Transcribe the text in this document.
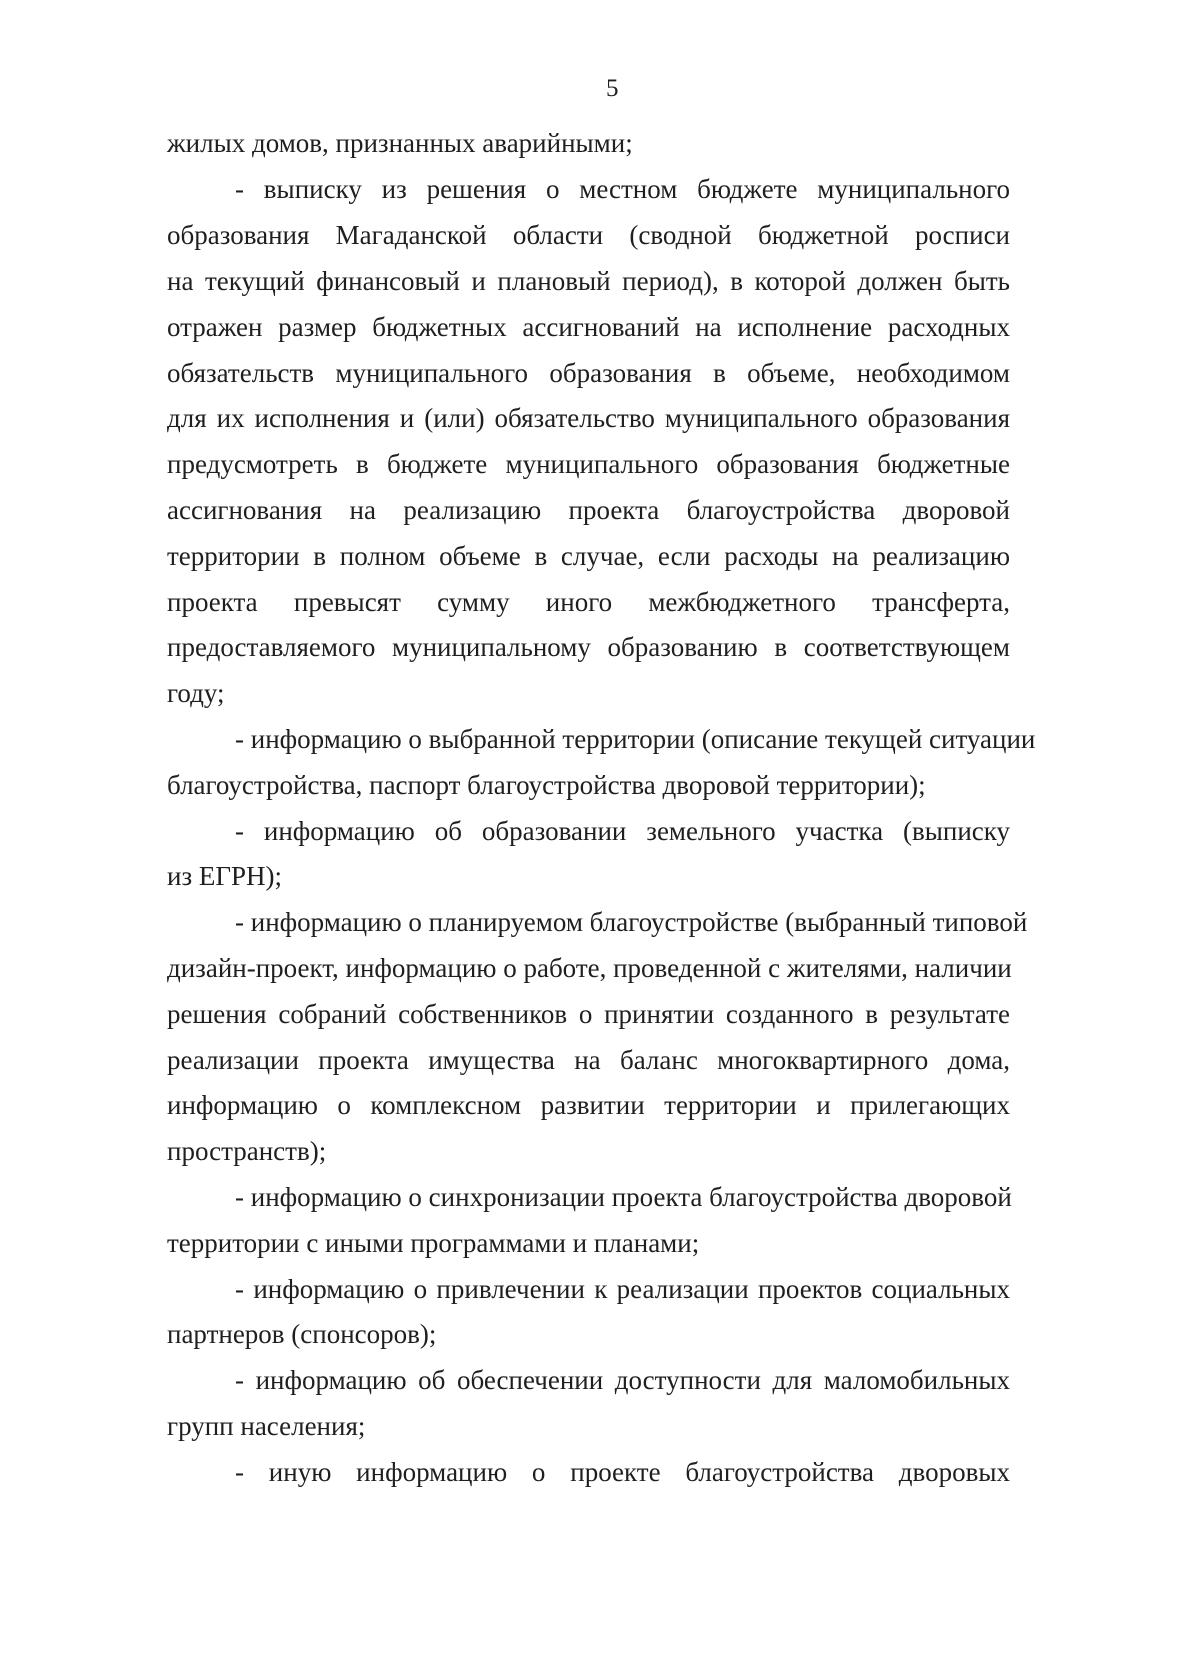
5
жилых домов, признанных аварийными;
- выписку из решения о местном бюджете муниципального
образования Магаданской области (сводной бюджетной росписи
на текущий финансовый и плановый период), в которой должен быть
отражен размер бюджетных ассигнований на исполнение расходных
обязательств муниципального образования в объеме, необходимом
для их исполнения и (или) обязательство муниципального образования
предусмотреть в бюджете муниципального образования бюджетные
ассигнования на реализацию проекта благоустройства дворовой
территории в полном объеме в случае, если расходы на реализацию
проекта превысят сумму иного межбюджетного трансферта,
предоставляемого муниципальному образованию в соответствующем
году;
- информацию о выбранной территории (описание текущей ситуации
благоустройства, паспорт благоустройства дворовой территории);
- информацию об образовании земельного участка (выписку
из ЕГРН);
- информацию о планируемом благоустройстве (выбранный типовой
дизайн-проект, информацию о работе, проведенной с жителями, наличии
решения собраний собственников о принятии созданного в результате
реализации проекта имущества на баланс многоквартирного дома,
информацию о комплексном развитии территории и прилегающих
пространств);
- информацию о синхронизации проекта благоустройства дворовой
территории с иными программами и планами;
- информацию о привлечении к реализации проектов социальных
партнеров (спонсоров);
- информацию об обеспечении доступности для маломобильных
групп населения;
- иную информацию о проекте благоустройства дворовых
